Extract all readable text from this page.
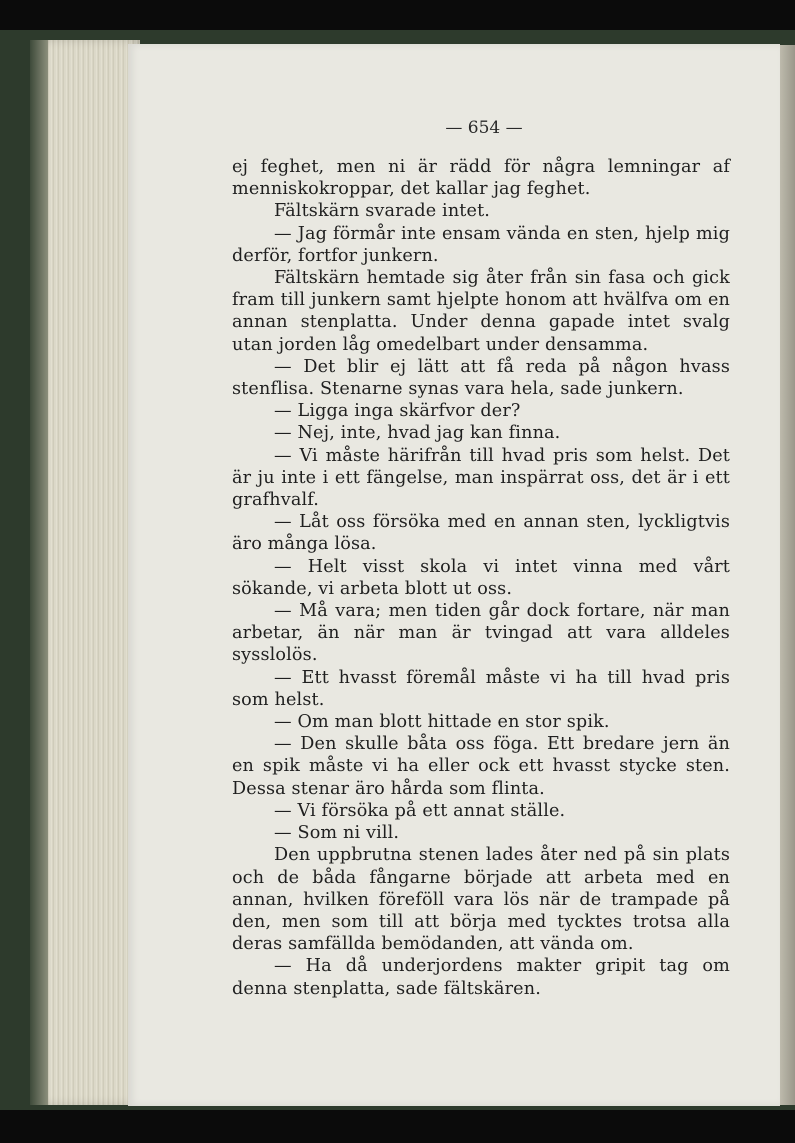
— 654 —

ej feghet, men ni är rädd för några lemningar af menniskokroppar, det kallar jag feghet.

Fältskärn svarade intet.

— Jag förmår inte ensam vända en sten, hjelp mig derför, fortfor junkern.

Fältskärn hemtade sig åter från sin fasa och gick fram till junkern samt hjelpte honom att hvälfva om en annan stenplatta. Under denna gapade intet svalg utan jorden låg omedelbart under densamma.

— Det blir ej lätt att få reda på någon hvass stenflisa. Stenarne synas vara hela, sade junkern.

— Ligga inga skärfvor der?

— Nej, inte, hvad jag kan finna.

— Vi måste härifrån till hvad pris som helst. Det är ju inte i ett fängelse, man inspärrat oss, det är i ett grafhvalf.

— Låt oss försöka med en annan sten, lyckligtvis äro många lösa.

— Helt visst skola vi intet vinna med vårt sökande, vi arbeta blott ut oss.

— Må vara; men tiden går dock fortare, när man arbetar, än när man är tvingad att vara alldeles sysslolös.

— Ett hvasst föremål måste vi ha till hvad pris som helst.

— Om man blott hittade en stor spik.

— Den skulle båta oss föga. Ett bredare jern än en spik måste vi ha eller ock ett hvasst stycke sten. Dessa stenar äro hårda som flinta.

— Vi försöka på ett annat ställe.

— Som ni vill.

Den uppbrutna stenen lades åter ned på sin plats och de båda fångarne började att arbeta med en annan, hvilken föreföll vara lös när de trampade på den, men som till att börja med tycktes trotsa alla deras samfällda bemödanden, att vända om.

— Ha då underjordens makter gripit tag om denna stenplatta, sade fältskären.
